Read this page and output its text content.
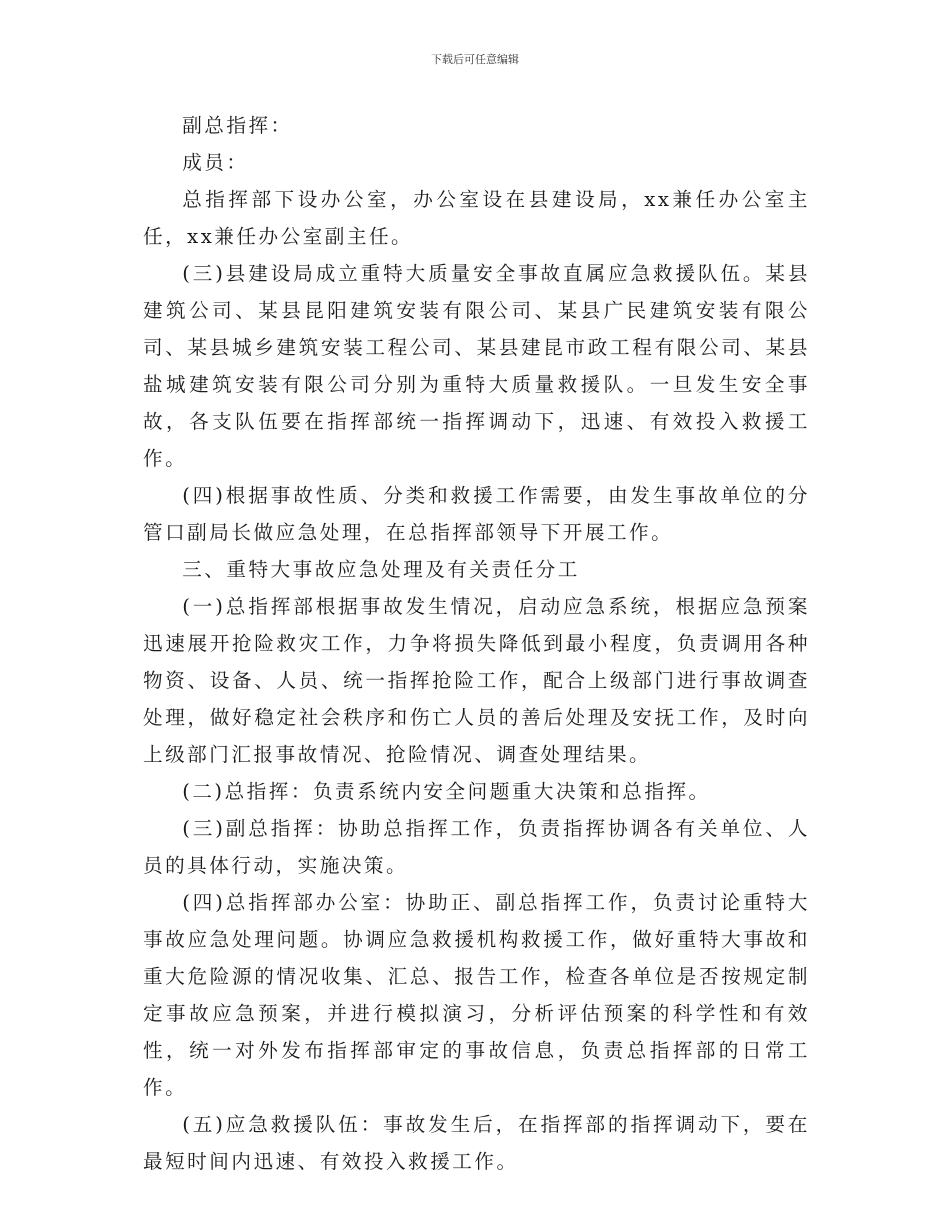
下载后可任意编辑

副总指挥：

成员：

总指挥部下设办公室，办公室设在县建设局，xx兼任办公室主任，xx兼任办公室副主任。

(三)县建设局成立重特大质量安全事故直属应急救援队伍。某县建筑公司、某县昆阳建筑安装有限公司、某县广民建筑安装有限公司、某县城乡建筑安装工程公司、某县建昆市政工程有限公司、某县盐城建筑安装有限公司分别为重特大质量救援队。一旦发生安全事故，各支队伍要在指挥部统一指挥调动下，迅速、有效投入救援工作。

(四)根据事故性质、分类和救援工作需要，由发生事故单位的分管口副局长做应急处理，在总指挥部领导下开展工作。

三、重特大事故应急处理及有关责任分工

(一)总指挥部根据事故发生情况，启动应急系统，根据应急预案迅速展开抢险救灾工作，力争将损失降低到最小程度，负责调用各种物资、设备、人员、统一指挥抢险工作，配合上级部门进行事故调查处理，做好稳定社会秩序和伤亡人员的善后处理及安抚工作，及时向上级部门汇报事故情况、抢险情况、调查处理结果。

(二)总指挥：负责系统内安全问题重大决策和总指挥。

(三)副总指挥：协助总指挥工作，负责指挥协调各有关单位、人员的具体行动，实施决策。

(四)总指挥部办公室：协助正、副总指挥工作，负责讨论重特大事故应急处理问题。协调应急救援机构救援工作，做好重特大事故和重大危险源的情况收集、汇总、报告工作，检查各单位是否按规定制定事故应急预案，并进行模拟演习，分析评估预案的科学性和有效性，统一对外发布指挥部审定的事故信息，负责总指挥部的日常工作。

(五)应急救援队伍：事故发生后，在指挥部的指挥调动下，要在最短时间内迅速、有效投入救援工作。
